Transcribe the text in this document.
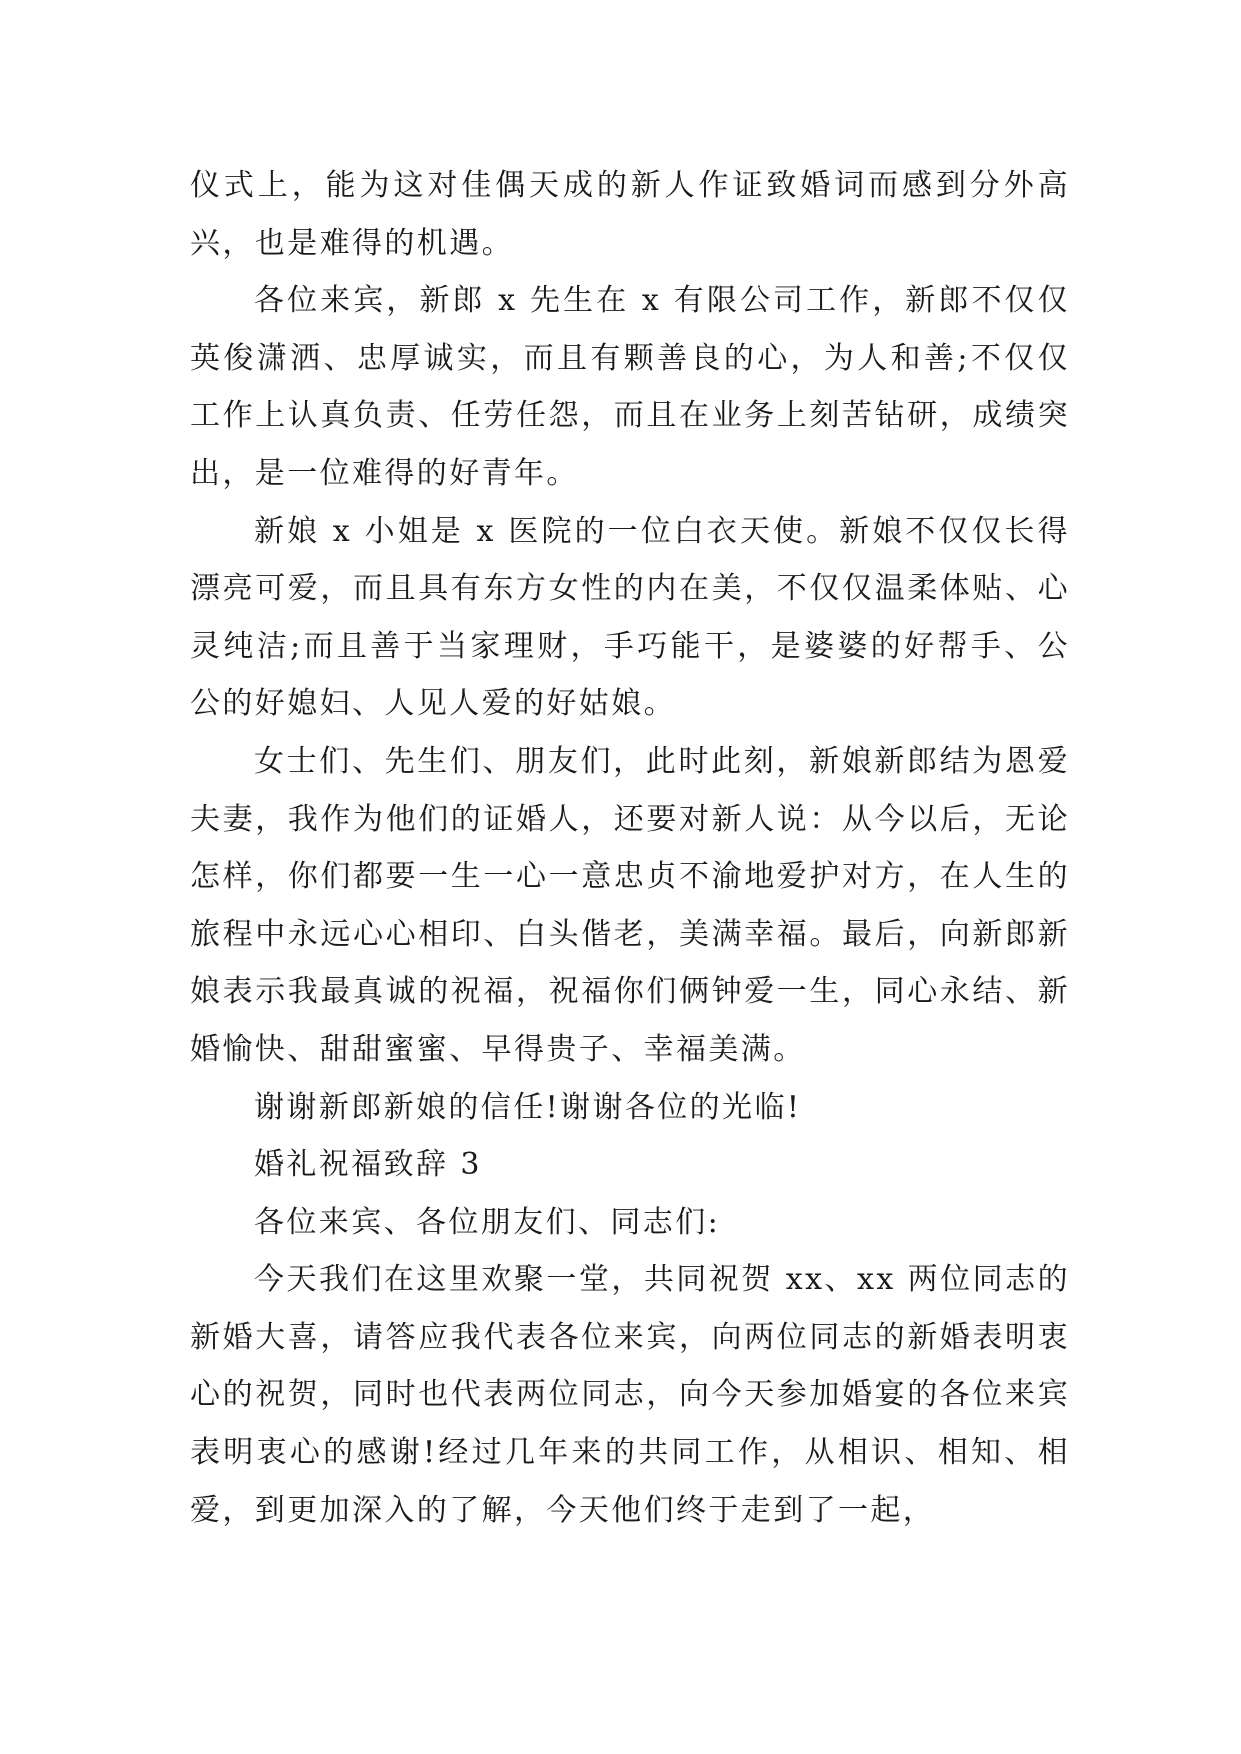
仪式上，能为这对佳偶天成的新人作证致婚词而感到分外高兴，也是难得的机遇。

各位来宾，新郎 x 先生在 x 有限公司工作，新郎不仅仅英俊潇洒、忠厚诚实，而且有颗善良的心，为人和善;不仅仅工作上认真负责、任劳任怨，而且在业务上刻苦钻研，成绩突出，是一位难得的好青年。

新娘 x 小姐是 x 医院的一位白衣天使。新娘不仅仅长得漂亮可爱，而且具有东方女性的内在美，不仅仅温柔体贴、心灵纯洁;而且善于当家理财，手巧能干，是婆婆的好帮手、公公的好媳妇、人见人爱的好姑娘。

女士们、先生们、朋友们，此时此刻，新娘新郎结为恩爱夫妻，我作为他们的证婚人，还要对新人说：从今以后，无论怎样，你们都要一生一心一意忠贞不渝地爱护对方，在人生的旅程中永远心心相印、白头偕老，美满幸福。最后，向新郎新娘表示我最真诚的祝福，祝福你们俩钟爱一生，同心永结、新婚愉快、甜甜蜜蜜、早得贵子、幸福美满。

谢谢新郎新娘的信任!谢谢各位的光临!

婚礼祝福致辞 3

各位来宾、各位朋友们、同志们:

今天我们在这里欢聚一堂，共同祝贺 xx、xx 两位同志的新婚大喜，请答应我代表各位来宾，向两位同志的新婚表明衷心的祝贺，同时也代表两位同志，向今天参加婚宴的各位来宾表明衷心的感谢!经过几年来的共同工作，从相识、相知、相爱，到更加深入的了解，今天他们终于走到了一起，
